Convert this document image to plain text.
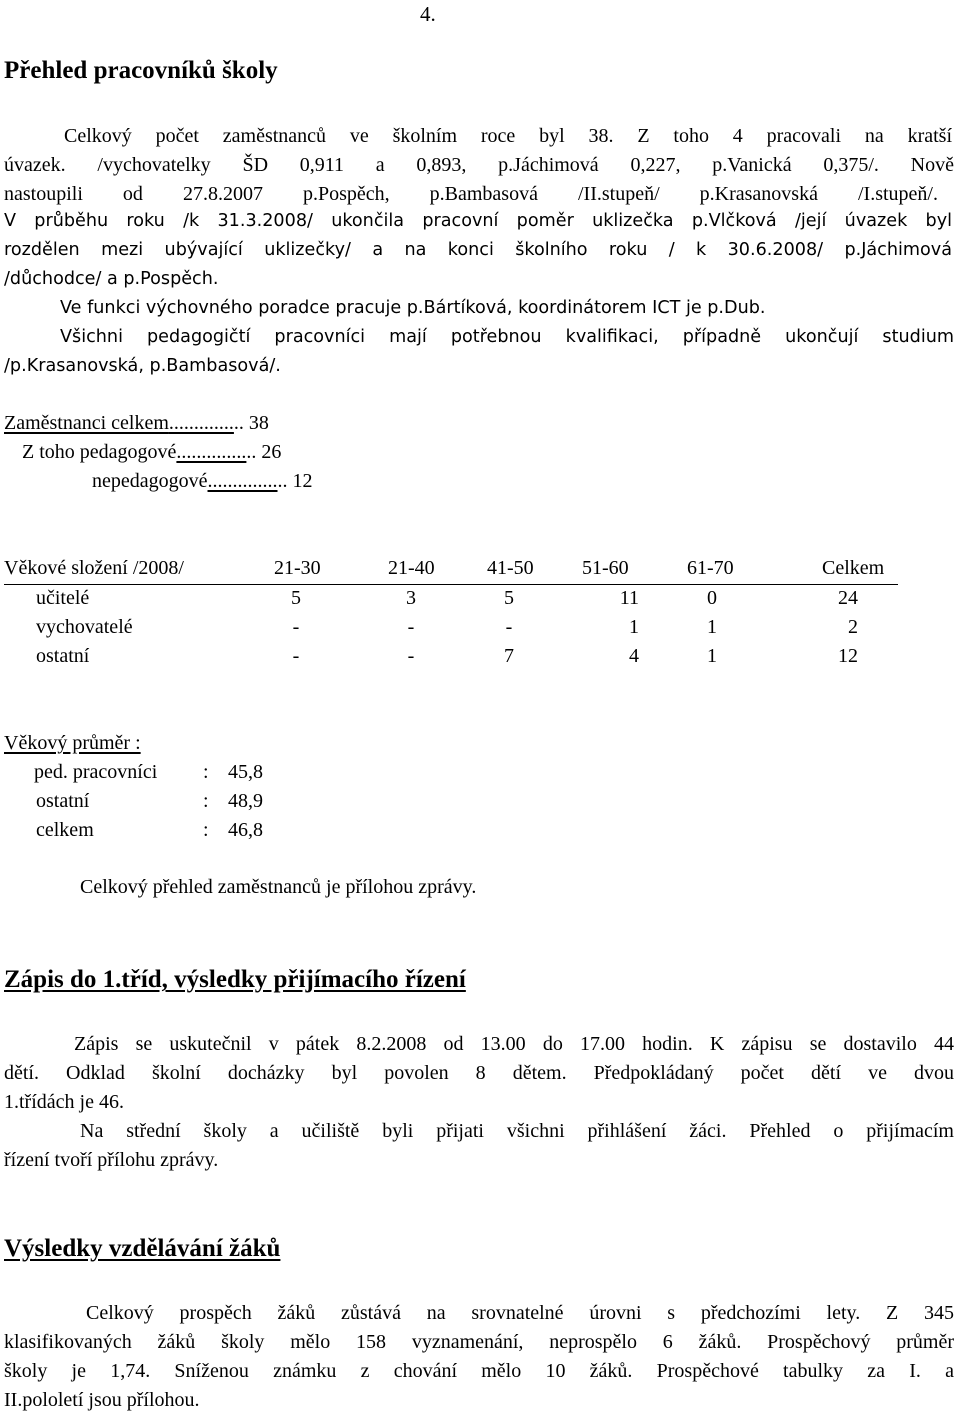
4.
Přehled pracovníků školy
Celkový počet zaměstnanců ve školním roce byl 38. Z toho 4 pracovali na kratší
úvazek. /vychovatelky ŠD 0,911 a 0,893, p.Jáchimová 0,227, p.Vanická 0,375/. Nově
nastoupili od 27.8.2007 p.Pospěch, p.Bambasová /II.stupeň/ p.Krasanovská /I.stupeň/.
V průběhu roku /k 31.3.2008/ ukončila pracovní poměr uklizečka p.Vlčková /její úvazek byl
rozdělen mezi ubývající uklizečky/ a na konci školního roku / k 30.6.2008/ p.Jáchimová
/důchodce/ a p.Pospěch.
Ve funkci výchovného poradce pracuje p.Bártíková, koordinátorem ICT je p.Dub.
Všichni pedagogičtí pracovníci mají potřebnou kvalifikaci, případně ukončují studium
/p.Krasanovská, p.Bambasová/.
Zaměstnanci celkem............... 38
Z toho pedagogové................ 26
nepedagogové................ 12
Věkové složení /2008/	21-30	21-40	41-50 51-60	61-70	Celkem
učitelé	5	3	5	11	0	24
vychovatelé	-	-	-	1	1	2
ostatní	-	-	7	4	1	12
Věkový průměr :
ped. pracovníci : 45,8
ostatní	: 48,9
celkem	: 46,8
Celkový přehled zaměstnanců je přílohou zprávy.
Zápis do 1.tříd, výsledky přijímacího řízení
Zápis se uskutečnil v pátek 8.2.2008 od 13.00 do 17.00 hodin. K zápisu se dostavilo 44
dětí. Odklad školní docházky byl povolen 8 dětem. Předpokládaný počet dětí ve dvou
1.třídách je 46.
Na střední školy a učiliště byli přijati všichni přihlášení žáci. Přehled o přijímacím
řízení tvoří přílohu zprávy.
Výsledky vzdělávání žáků
Celkový prospěch žáků zůstává na srovnatelné úrovni s předchozími lety. Z 345
klasifikovaných žáků školy mělo 158 vyznamenání, neprospělo 6 žáků. Prospěchový průměr
školy je 1,74. Sníženou známku z chování mělo 10 žáků. Prospěchové tabulky za I. a
II.pololetí jsou přílohou.
